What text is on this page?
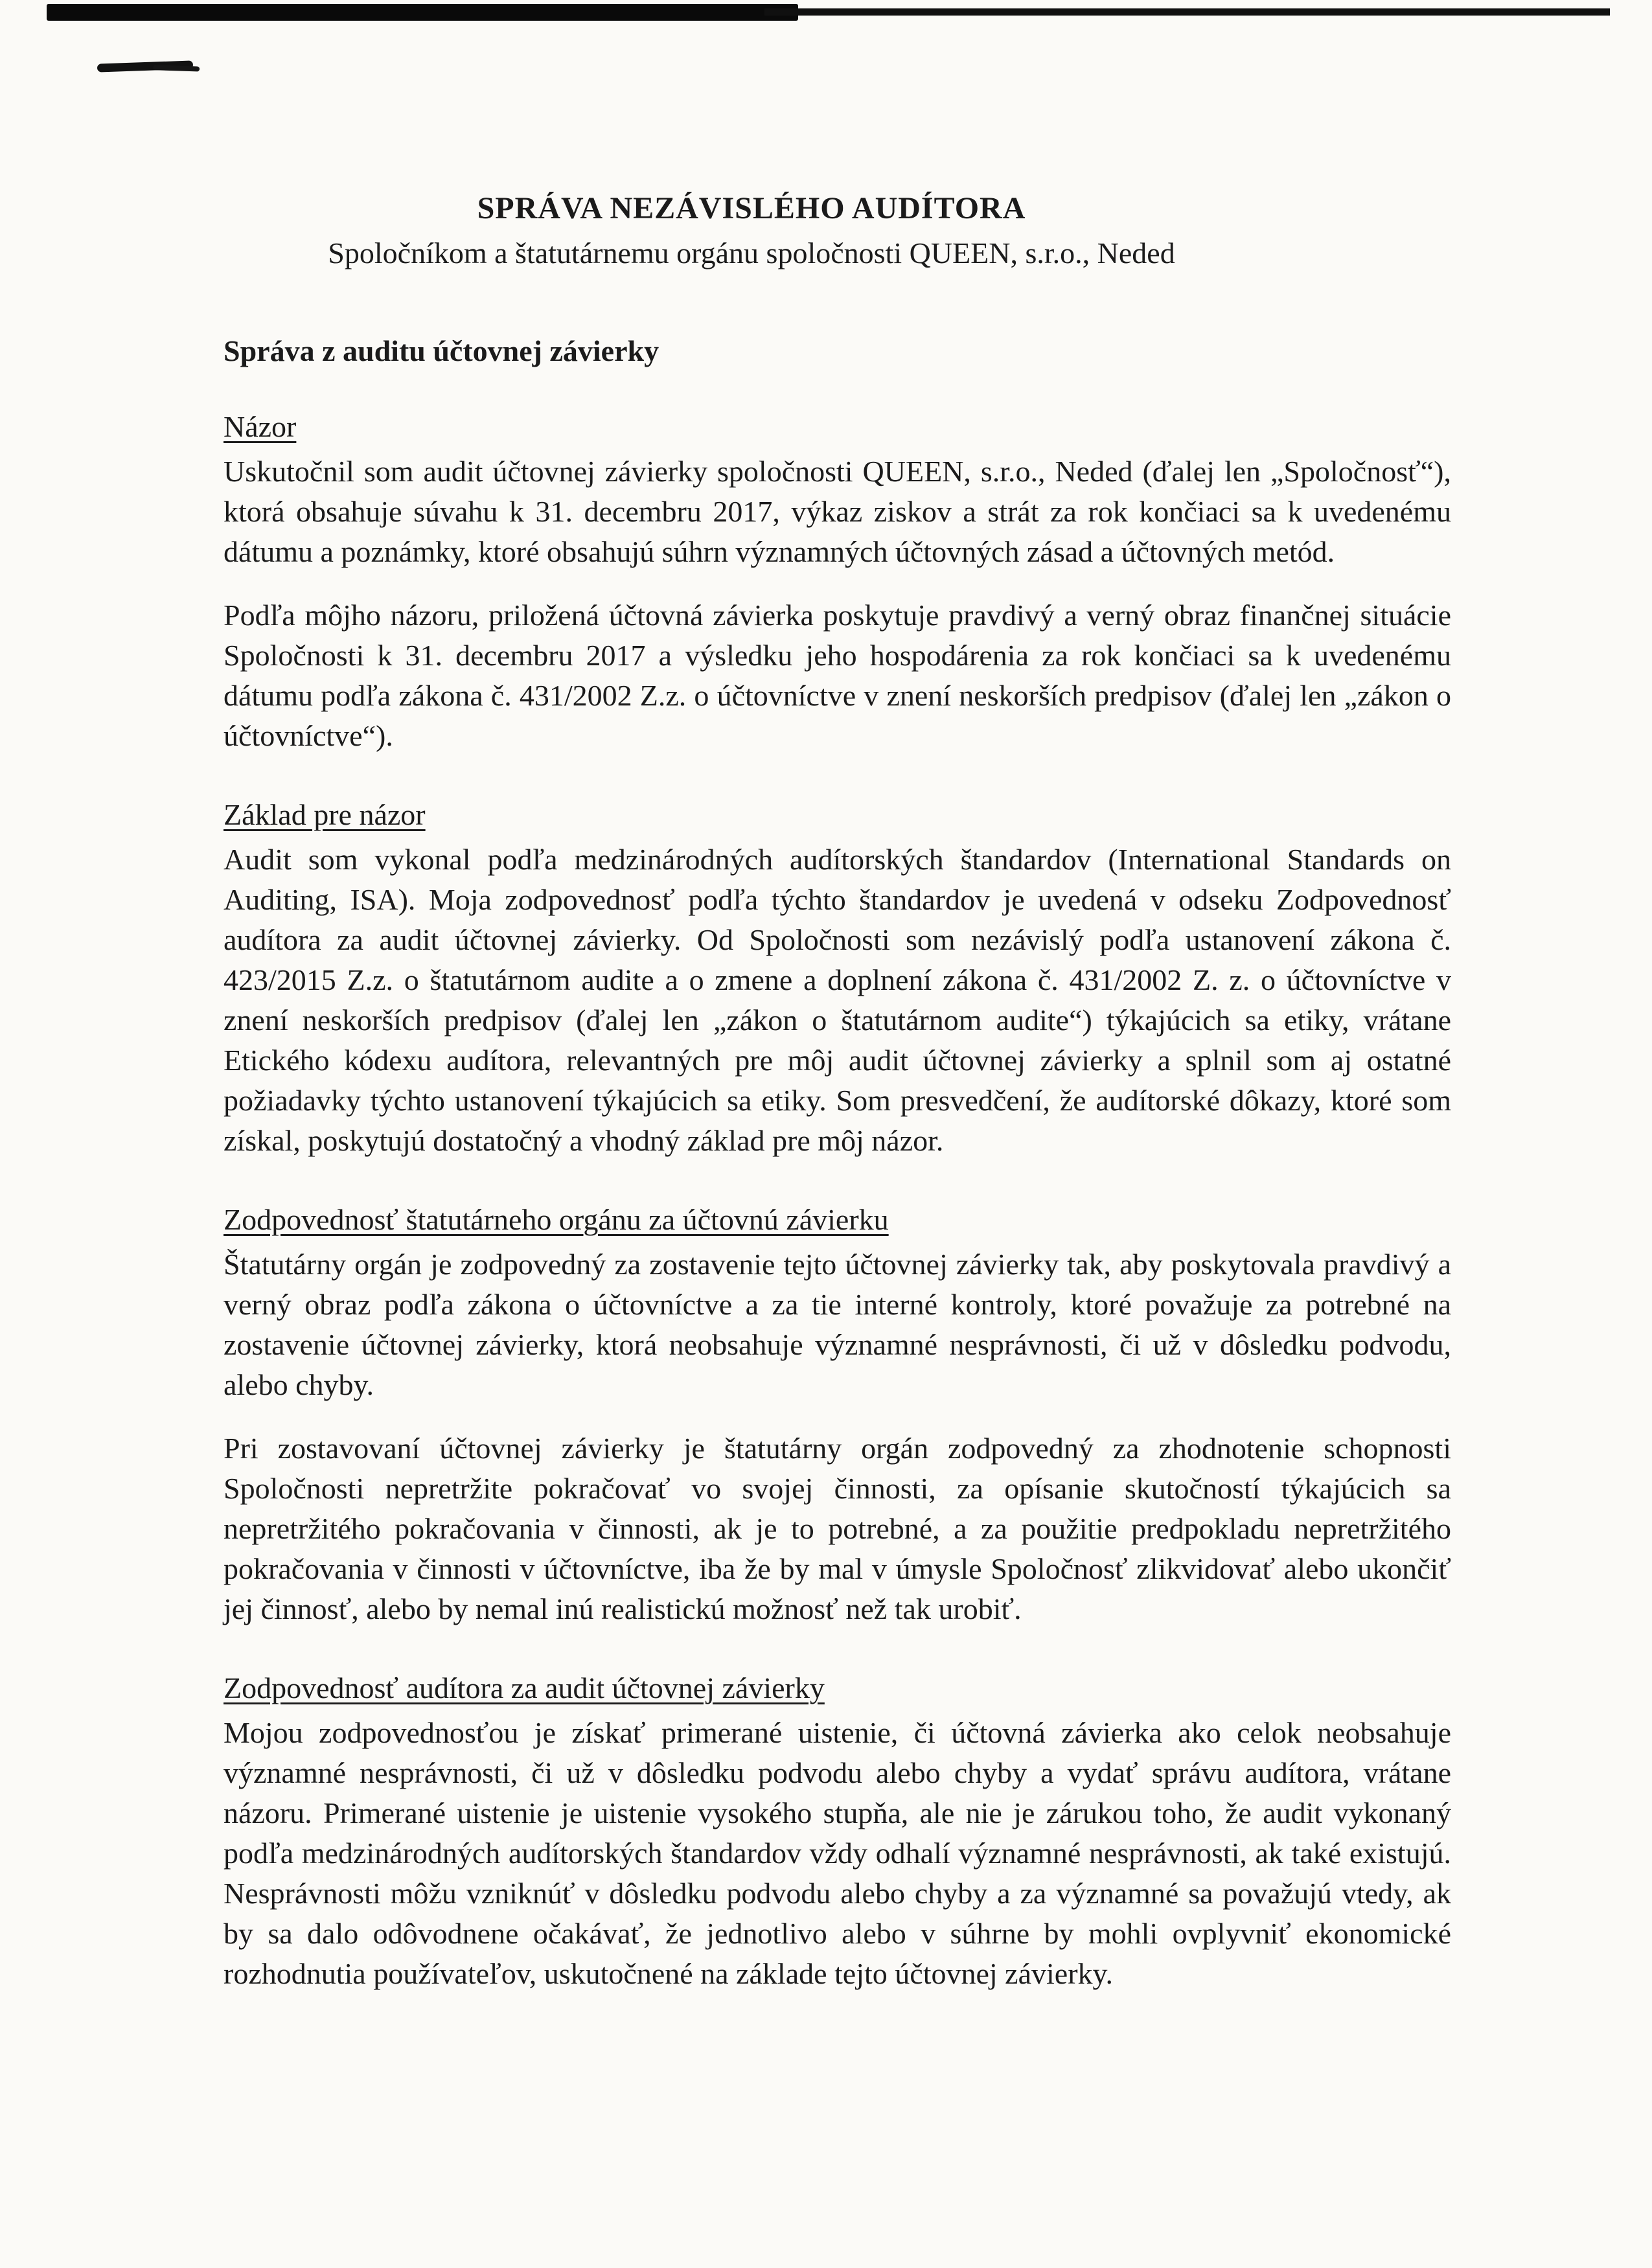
SPRÁVA NEZÁVISLÉHO AUDÍTORA
Spoločníkom a štatutárnemu orgánu spoločnosti QUEEN, s.r.o., Neded
Správa z auditu účtovnej závierky
Názor

Uskutočnil som audit účtovnej závierky spoločnosti QUEEN, s.r.o., Neded (ďalej len „Spoločnosť“), ktorá obsahuje súvahu k 31. decembru 2017, výkaz ziskov a strát za rok končiaci sa k uvedenému dátumu a poznámky, ktoré obsahujú súhrn významných účtovných zásad a účtovných metód.

Podľa môjho názoru, priložená účtovná závierka poskytuje pravdivý a verný obraz finančnej situácie Spoločnosti k 31. decembru 2017 a výsledku jeho hospodárenia za rok končiaci sa k uvedenému dátumu podľa zákona č. 431/2002 Z.z. o účtovníctve v znení neskorších predpisov (ďalej len „zákon o účtovníctve“).

Základ pre názor

Audit som vykonal podľa medzinárodných audítorských štandardov (International Standards on Auditing, ISA). Moja zodpovednosť podľa týchto štandardov je uvedená v odseku Zodpovednosť audítora za audit účtovnej závierky. Od Spoločnosti som nezávislý podľa ustanovení zákona č. 423/2015 Z.z. o štatutárnom audite a o zmene a doplnení zákona č. 431/2002 Z. z. o účtovníctve v znení neskorších predpisov (ďalej len „zákon o štatutárnom audite“) týkajúcich sa etiky, vrátane Etického kódexu audítora, relevantných pre môj audit účtovnej závierky a splnil som aj ostatné požiadavky týchto ustanovení týkajúcich sa etiky. Som presvedčení, že audítorské dôkazy, ktoré som získal, poskytujú dostatočný a vhodný základ pre môj názor.

Zodpovednosť štatutárneho orgánu za účtovnú závierku

Štatutárny orgán je zodpovedný za zostavenie tejto účtovnej závierky tak, aby poskytovala pravdivý a verný obraz podľa zákona o účtovníctve a za tie interné kontroly, ktoré považuje za potrebné na zostavenie účtovnej závierky, ktorá neobsahuje významné nesprávnosti, či už v dôsledku podvodu, alebo chyby.

Pri zostavovaní účtovnej závierky je štatutárny orgán zodpovedný za zhodnotenie schopnosti Spoločnosti nepretržite pokračovať vo svojej činnosti, za opísanie skutočností týkajúcich sa nepretržitého pokračovania v činnosti, ak je to potrebné, a za použitie predpokladu nepretržitého pokračovania v činnosti v účtovníctve, iba že by mal v úmysle Spoločnosť zlikvidovať alebo ukončiť jej činnosť, alebo by nemal inú realistickú možnosť než tak urobiť.

Zodpovednosť audítora za audit účtovnej závierky

Mojou zodpovednosťou je získať primerané uistenie, či účtovná závierka ako celok neobsahuje významné nesprávnosti, či už v dôsledku podvodu alebo chyby a vydať správu audítora, vrátane názoru. Primerané uistenie je uistenie vysokého stupňa, ale nie je zárukou toho, že audit vykonaný podľa medzinárodných audítorských štandardov vždy odhalí významné nesprávnosti, ak také existujú. Nesprávnosti môžu vzniknúť v dôsledku podvodu alebo chyby a za významné sa považujú vtedy, ak by sa dalo odôvodnene očakávať, že jednotlivo alebo v súhrne by mohli ovplyvniť ekonomické rozhodnutia používateľov, uskutočnené na základe tejto účtovnej závierky.
